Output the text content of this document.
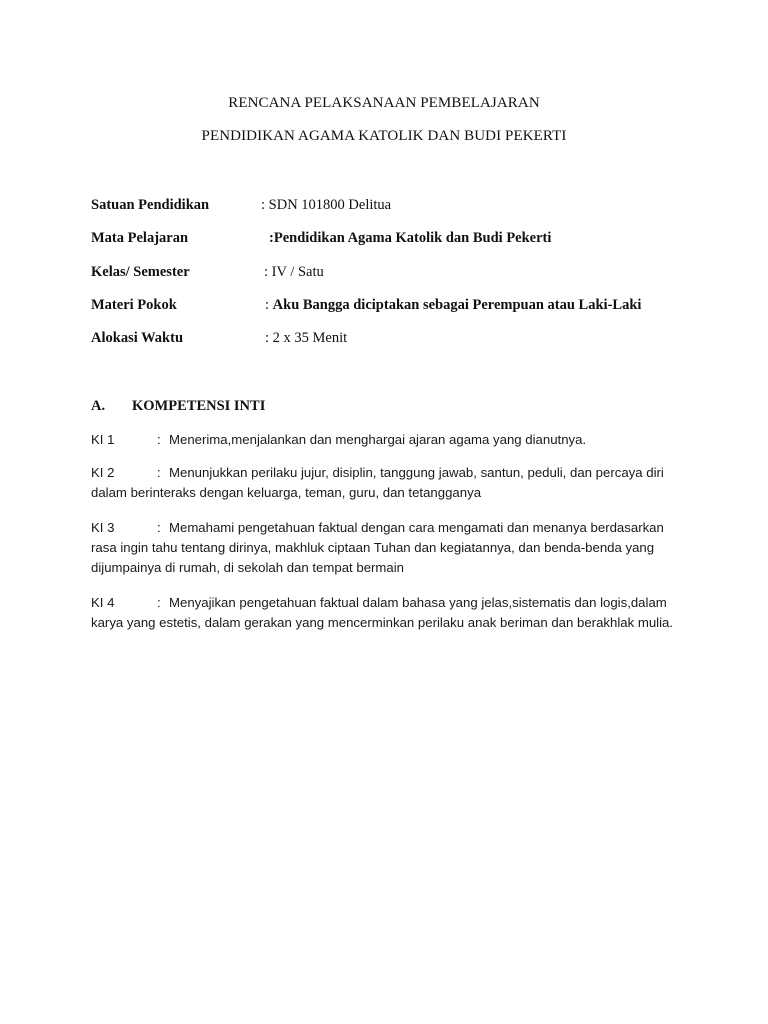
RENCANA PELAKSANAAN PEMBELAJARAN
PENDIDIKAN AGAMA KATOLIK DAN BUDI PEKERTI
Satuan Pendidikan	: SDN 101800 Delitua
Mata Pelajaran	:Pendidikan Agama Katolik dan Budi Pekerti
Kelas/ Semester	: IV / Satu
Materi Pokok	: Aku Bangga diciptakan sebagai Perempuan atau Laki-Laki
Alokasi Waktu	: 2 x 35 Menit
A. KOMPETENSI INTI
KI 1	: Menerima,menjalankan dan menghargai ajaran agama yang dianutnya.
KI 2	: Menunjukkan perilaku jujur, disiplin, tanggung jawab, santun, peduli, dan percaya diri dalam berinteraks dengan keluarga, teman, guru, dan tetangganya
KI 3	: Memahami pengetahuan faktual dengan cara mengamati dan menanya berdasarkan rasa ingin tahu tentang dirinya, makhluk ciptaan Tuhan dan kegiatannya, dan benda-benda yang dijumpainya di rumah, di sekolah dan tempat bermain
KI 4	: Menyajikan pengetahuan faktual dalam bahasa yang jelas,sistematis dan logis,dalam karya yang estetis, dalam gerakan yang mencerminkan perilaku anak beriman dan berakhlak mulia.
